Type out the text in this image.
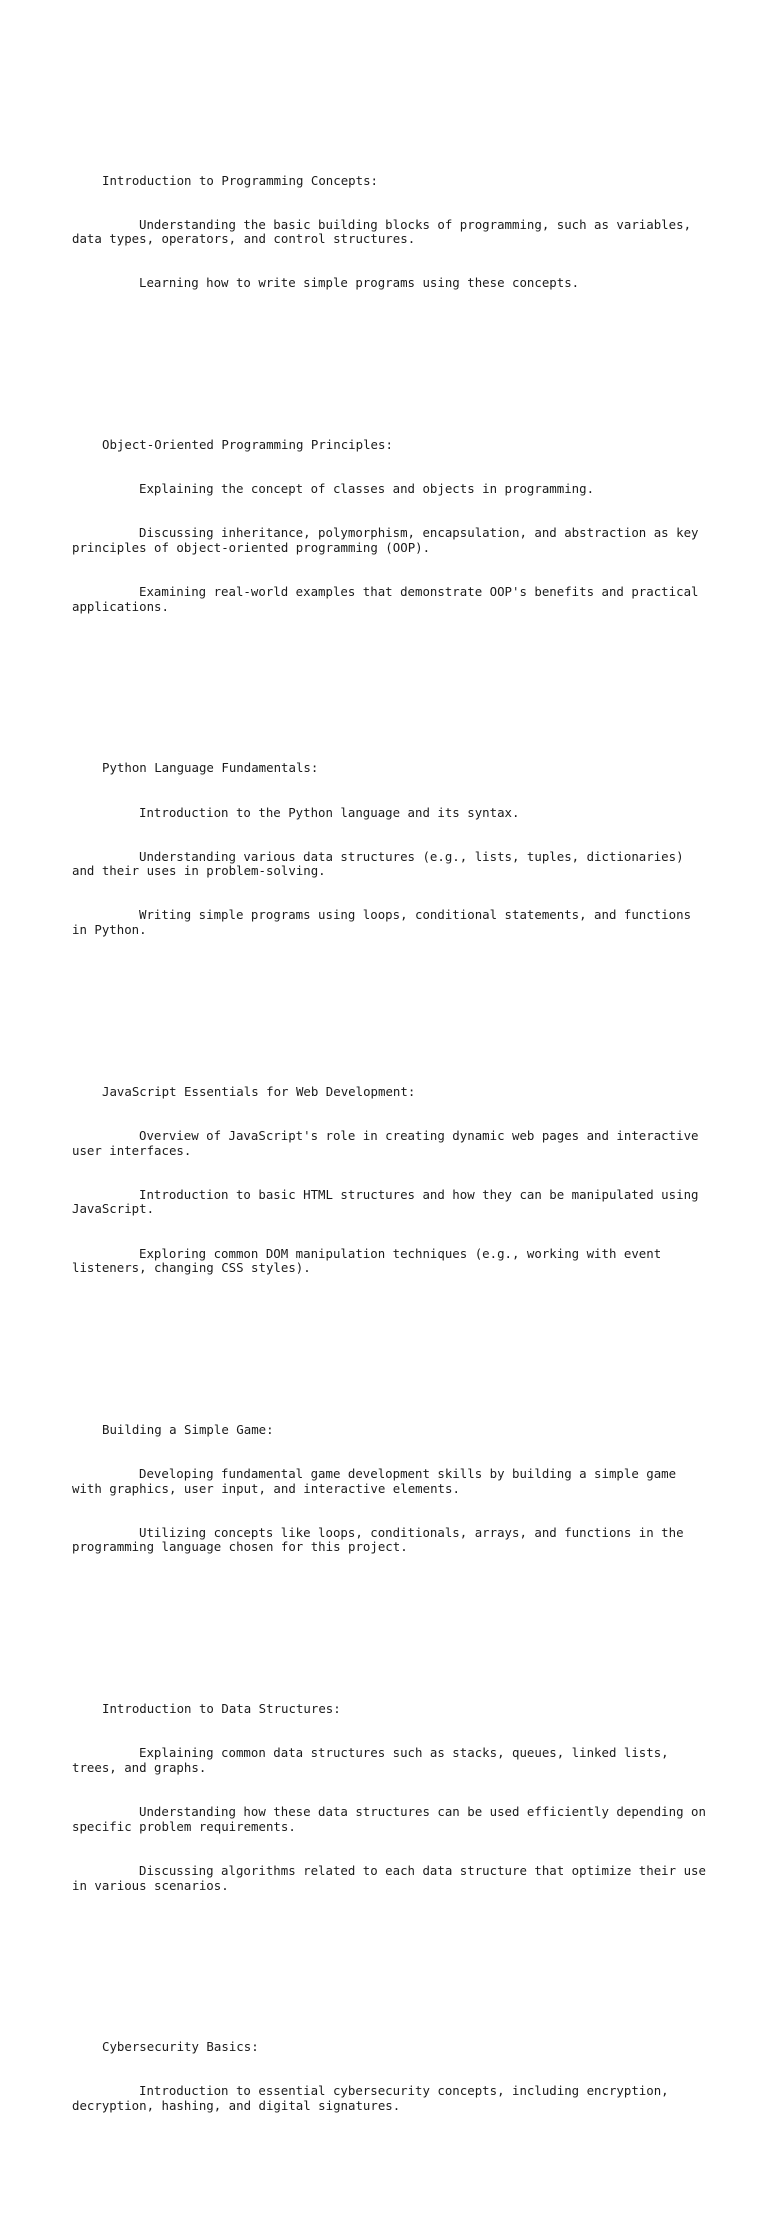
Introduction to Programming Concepts:

Understanding the basic building blocks of programming, such as variables, data types, operators, and control structures.

Learning how to write simple programs using these concepts.

Object-Oriented Programming Principles:

Explaining the concept of classes and objects in programming.

Discussing inheritance, polymorphism, encapsulation, and abstraction as key principles of object-oriented programming (OOP).

Examining real-world examples that demonstrate OOP's benefits and practical applications.

Python Language Fundamentals:

Introduction to the Python language and its syntax.

Understanding various data structures (e.g., lists, tuples, dictionaries) and their uses in problem-solving.

Writing simple programs using loops, conditional statements, and functions in Python.

JavaScript Essentials for Web Development:

Overview of JavaScript's role in creating dynamic web pages and interactive user interfaces.

Introduction to basic HTML structures and how they can be manipulated using JavaScript.

Exploring common DOM manipulation techniques (e.g., working with event listeners, changing CSS styles).

Building a Simple Game:

Developing fundamental game development skills by building a simple game with graphics, user input, and interactive elements.

Utilizing concepts like loops, conditionals, arrays, and functions in the programming language chosen for this project.

Introduction to Data Structures:

Explaining common data structures such as stacks, queues, linked lists, trees, and graphs.

Understanding how these data structures can be used efficiently depending on specific problem requirements.

Discussing algorithms related to each data structure that optimize their use in various scenarios.

Cybersecurity Basics:

Introduction to essential cybersecurity concepts, including encryption, decryption, hashing, and digital signatures.
